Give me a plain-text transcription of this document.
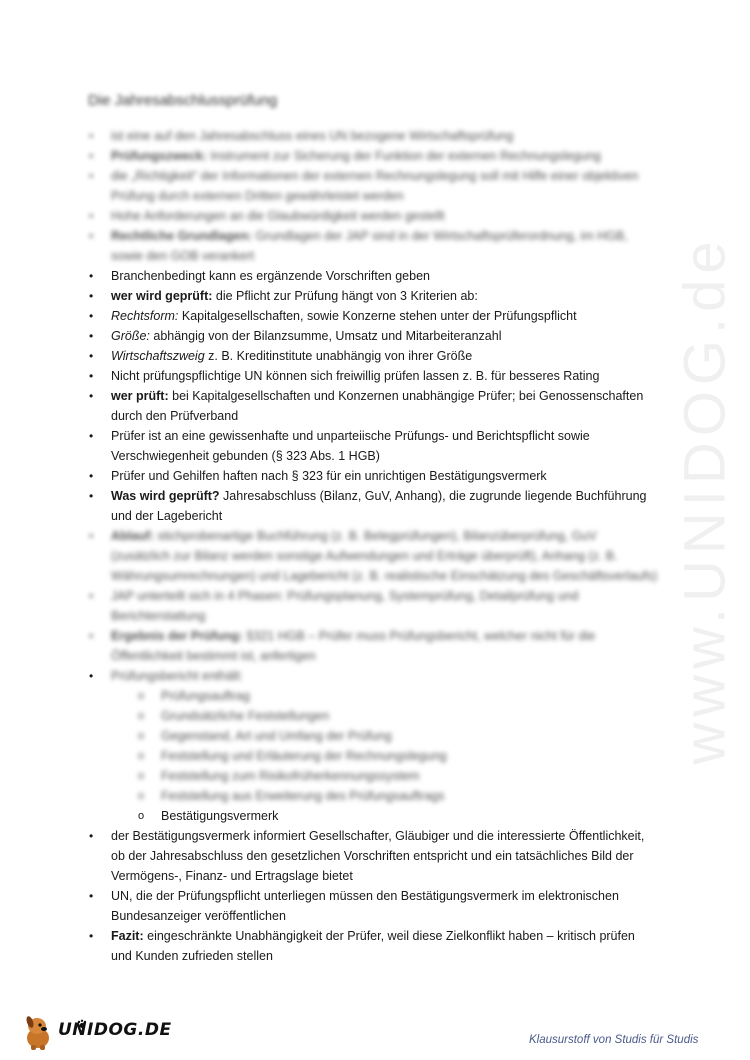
www.UNIDOG.de
Die Jahresabschlussprüfung
• ist eine auf den Jahresabschluss eines UN bezogene Wirtschaftsprüfung
• Prüfungszweck: Instrument zur Sicherung der Funktion der externen Rechnungslegung
• die „Richtigkeit“ der Informationen der externen Rechnungslegung soll mit Hilfe einer objektiven Prüfung durch externen Dritten gewährleistet werden
• Hohe Anforderungen an die Glaubwürdigkeit werden gestellt
• Rechtliche Grundlagen: Grundlagen der JAP sind in der Wirtschaftsprüferordnung, im HGB, sowie den GOB verankert
• Branchenbedingt kann es ergänzende Vorschriften geben
• wer wird geprüft: die Pflicht zur Prüfung hängt von 3 Kriterien ab:
• Rechtsform: Kapitalgesellschaften, sowie Konzerne stehen unter der Prüfungspflicht
• Größe: abhängig von der Bilanzsumme, Umsatz und Mitarbeiteranzahl
• Wirtschaftszweig z. B. Kreditinstitute unabhängig von ihrer Größe
• Nicht prüfungspflichtige UN können sich freiwillig prüfen lassen z. B. für besseres Rating
• wer prüft: bei Kapitalgesellschaften und Konzernen unabhängige Prüfer; bei Genossenschaften durch den Prüfverband
• Prüfer ist an eine gewissenhafte und unparteiische Prüfungs- und Berichtspflicht sowie Verschwiegenheit gebunden (§ 323 Abs. 1 HGB)
• Prüfer und Gehilfen haften nach § 323 für ein unrichtigen Bestätigungsvermerk
• Was wird geprüft? Jahresabschluss (Bilanz, GuV, Anhang), die zugrunde liegende Buchführung und der Lagebericht
• Ablauf: stichprobenartige Buchführung (z. B. Belegprüfungen), Bilanzüberprüfung, GuV (zusätzlich zur Bilanz werden sonstige Aufwendungen und Erträge überprüft), Anhang (z. B. Währungsumrechnungen) und Lagebericht (z. B. realistische Einschätzung des Geschäftsverlaufs)
• JAP unterteilt sich in 4 Phasen: Prüfungsplanung, Systemprüfung, Detailprüfung und Berichterstattung
• Ergebnis der Prüfung: §321 HGB – Prüfer muss Prüfungsbericht, welcher nicht für die Öffentlichkeit bestimmt ist, anfertigen
• Prüfungsbericht enthält:
o Prüfungsauftrag
o Grundsätzliche Feststellungen
o Gegenstand, Art und Umfang der Prüfung
o Feststellung und Erläuterung der Rechnungslegung
o Feststellung zum Risikofrüherkennungssystem
o Feststellung aus Erweiterung des Prüfungsauftrags
o Bestätigungsvermerk
• der Bestätigungsvermerk informiert Gesellschafter, Gläubiger und die interessierte Öffentlichkeit, ob der Jahresabschluss den gesetzlichen Vorschriften entspricht und ein tatsächliches Bild der Vermögens-, Finanz- und Ertragslage bietet
• UN, die der Prüfungspflicht unterliegen müssen den Bestätigungsvermerk im elektronischen Bundesanzeiger veröffentlichen
• Fazit: eingeschränkte Unabhängigkeit der Prüfer, weil diese Zielkonflikt haben – kritisch prüfen und Kunden zufrieden stellen
UNIDOG.DE	Klausurstoff von Studis für Studis
